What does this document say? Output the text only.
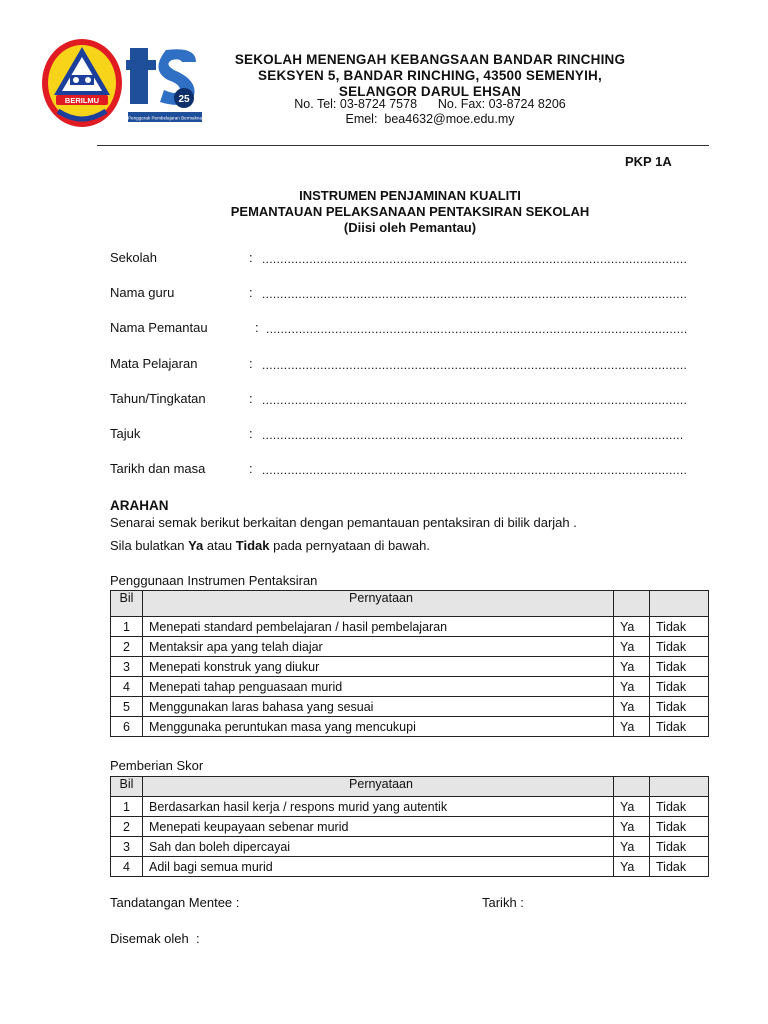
BERILMU	25
Penggerak Pembelajaran Bermakna
SEKOLAH MENENGAH KEBANGSAAN BANDAR RINCHING
SEKSYEN 5, BANDAR RINCHING, 43500 SEMENYIH,
SELANGOR DARUL EHSAN
No. Tel: 03-8724 7578      No. Fax: 03-8724 8206
Emel:  bea4632@moe.edu.my
PKP 1A
INSTRUMEN PENJAMINAN KUALITI
PEMANTAUAN PELAKSANAAN PENTAKSIRAN SEKOLAH
(Diisi oleh Pemantau)
Sekolah	: .....................................................................................................................
Nama guru	: .....................................................................................................................
Nama Pemantau	: ....................................................................................................................
Mata Pelajaran	: .....................................................................................................................
Tahun/Tingkatan	: .....................................................................................................................
Tajuk	: ....................................................................................................................
Tarikh dan masa	: .....................................................................................................................
ARAHAN
Senarai semak berikut berkaitan dengan pemantauan pentaksiran di bilik darjah .
Sila bulatkan Ya atau Tidak pada pernyataan di bawah.
Penggunaan Instrumen Pentaksiran
Bil	Pernyataan		
1	Menepati standard pembelajaran / hasil pembelajaran	Ya	Tidak
2	Mentaksir apa yang telah diajar	Ya	Tidak
3	Menepati konstruk yang diukur	Ya	Tidak
4	Menepati tahap penguasaan murid	Ya	Tidak
5	Menggunakan laras bahasa yang sesuai	Ya	Tidak
6	Menggunaka peruntukan masa yang mencukupi	Ya	Tidak
Pemberian Skor
Bil	Pernyataan		
1	Berdasarkan hasil kerja / respons murid yang autentik	Ya	Tidak
2	Menepati keupayaan sebenar murid	Ya	Tidak
3	Sah dan boleh dipercayai	Ya	Tidak
4	Adil bagi semua murid	Ya	Tidak
Tandatangan Mentee :	Tarikh :
Disemak oleh  :
